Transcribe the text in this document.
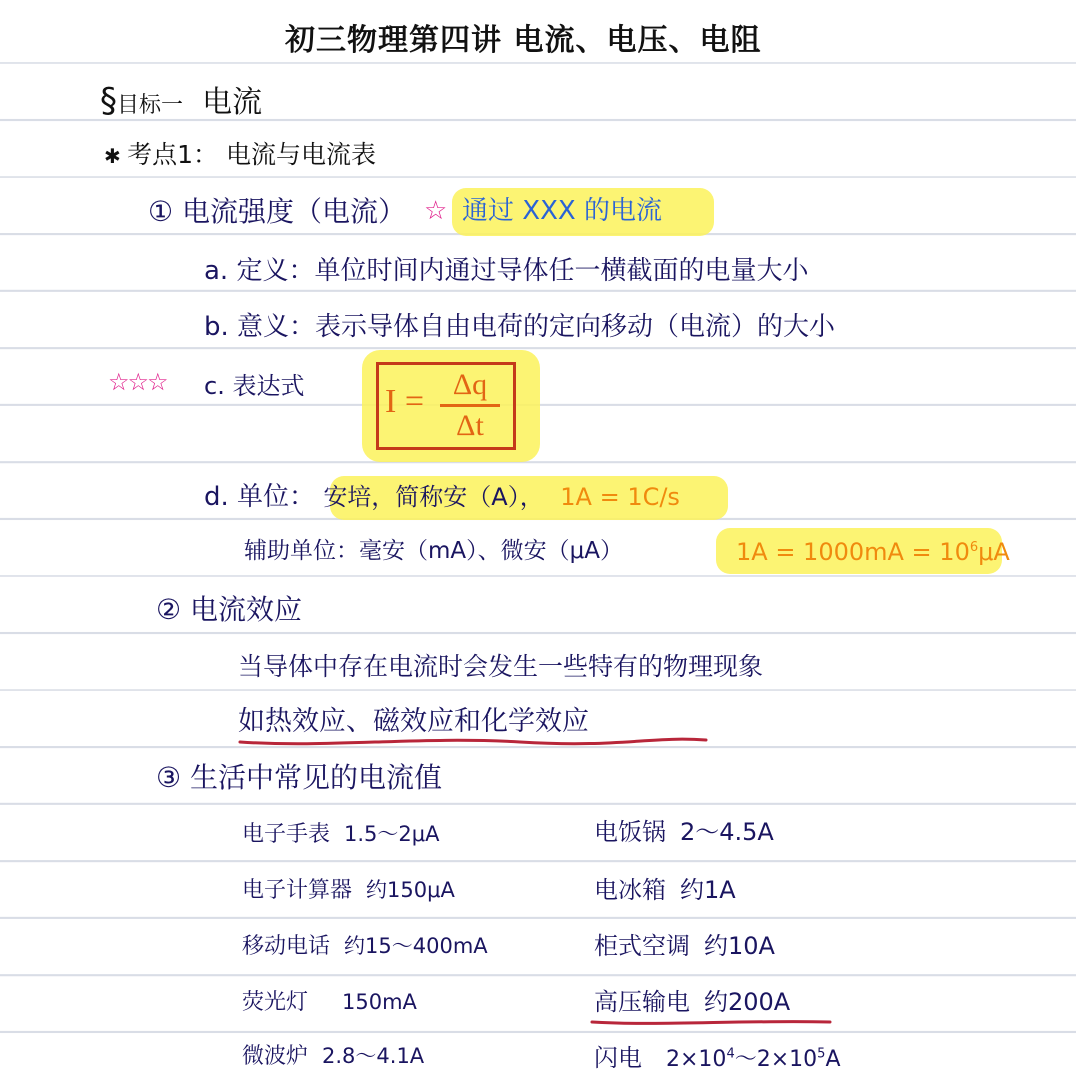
初三物理第四讲 电流、电压、电阻
§目标一 电流
✱ 考点1： 电流与电流表
① 电流强度（电流） ☆ 通过 XXX 的电流
a. 定义：单位时间内通过导体任一横截面的电量大小
b. 意义：表示导体自由电荷的定向移动（电流）的大小
☆☆☆ c. 表达式 $I = \frac{\Delta q}{\Delta t}$
d. 单位： 安培，简称安（A）， 1A = 1C/s
辅助单位：毫安（mA）、微安（μA）	$1A = 1000mA = 10^6\mu A$
② 电流效应
当导体中存在电流时会发生一些特有的物理现象
如热效应、磁效应和化学效应
③ 生活中常见的电流值
电子手表 1.5～2μA
电子计算器 约150μA
移动电话 约15～400mA
荧光灯 150mA
微波炉 2.8～4.1A
电饭锅 2～4.5A
电冰箱 约1A
柜式空调 约10A
高压输电 约200A
闪电 $2\times 10^4\sim 2\times 10^5A$
